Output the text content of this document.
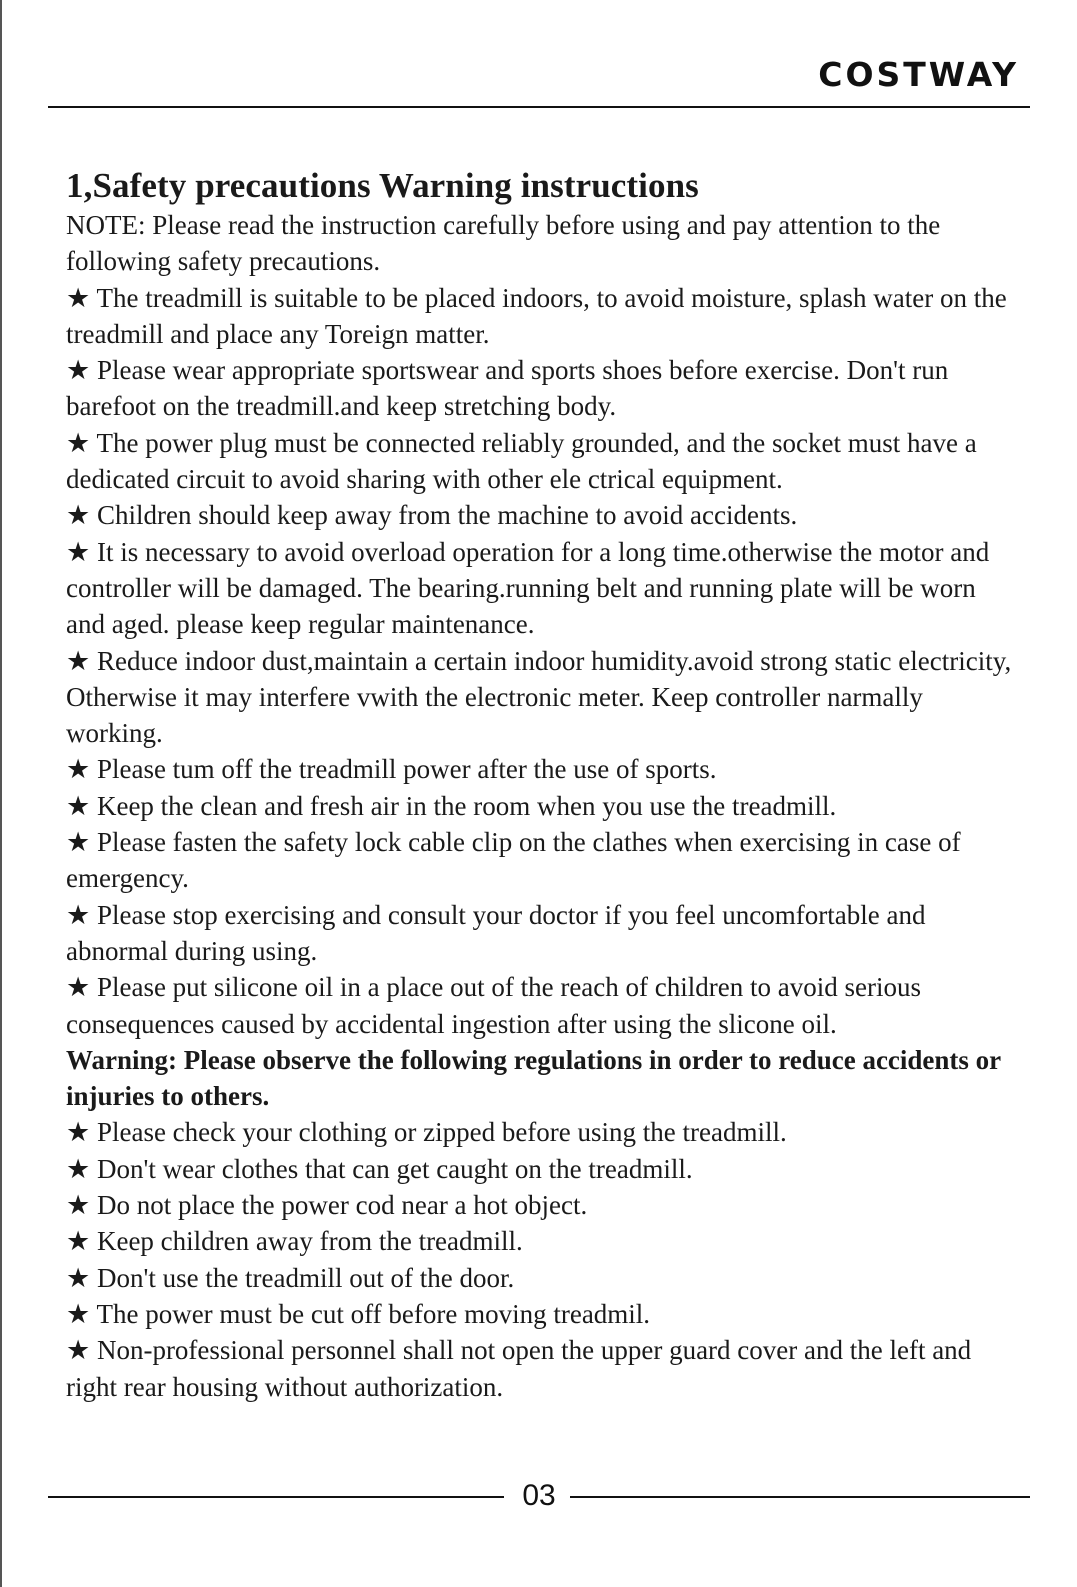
COSTWAY
1,Safety precautions Warning instructions

NOTE: Please read the instruction carefully before using and pay attention to the following safety precautions.

★ The treadmill is suitable to be placed indoors, to avoid moisture, splash water on the treadmill and place any Toreign matter.

★ Please wear appropriate sportswear and sports shoes before exercise. Don't run barefoot on the treadmill.and keep stretching body.

★ The power plug must be connected reliably grounded, and the socket must have a dedicated circuit to avoid sharing with other ele ctrical equipment.

★ Children should keep away from the machine to avoid accidents.

★ It is necessary to avoid overload operation for a long time.otherwise the motor and controller will be damaged. The bearing.running belt and running plate will be worn and aged. please keep regular maintenance.

★ Reduce indoor dust,maintain a certain indoor humidity.avoid strong static electricity, Otherwise it may interfere vwith the electronic meter. Keep controller narmally working.

★ Please tum off the treadmill power after the use of sports.

★ Keep the clean and fresh air in the room when you use the treadmill.

★ Please fasten the safety lock cable clip on the clathes when exercising in case of emergency.

★ Please stop exercising and consult your doctor if you feel uncomfortable and abnormal during using.

★ Please put silicone oil in a place out of the reach of children to avoid serious consequences caused by accidental ingestion after using the slicone oil.

Warning: Please observe the following regulations in order to reduce accidents or injuries to others.

★ Please check your clothing or zipped before using the treadmill.

★ Don't wear clothes that can get caught on the treadmill.

★ Do not place the power cod near a hot object.

★ Keep children away from the treadmill.

★ Don't use the treadmill out of the door.

★ The power must be cut off before moving treadmil.

★ Non-professional personnel shall not open the upper guard cover and the left and right rear housing without authorization.

03
